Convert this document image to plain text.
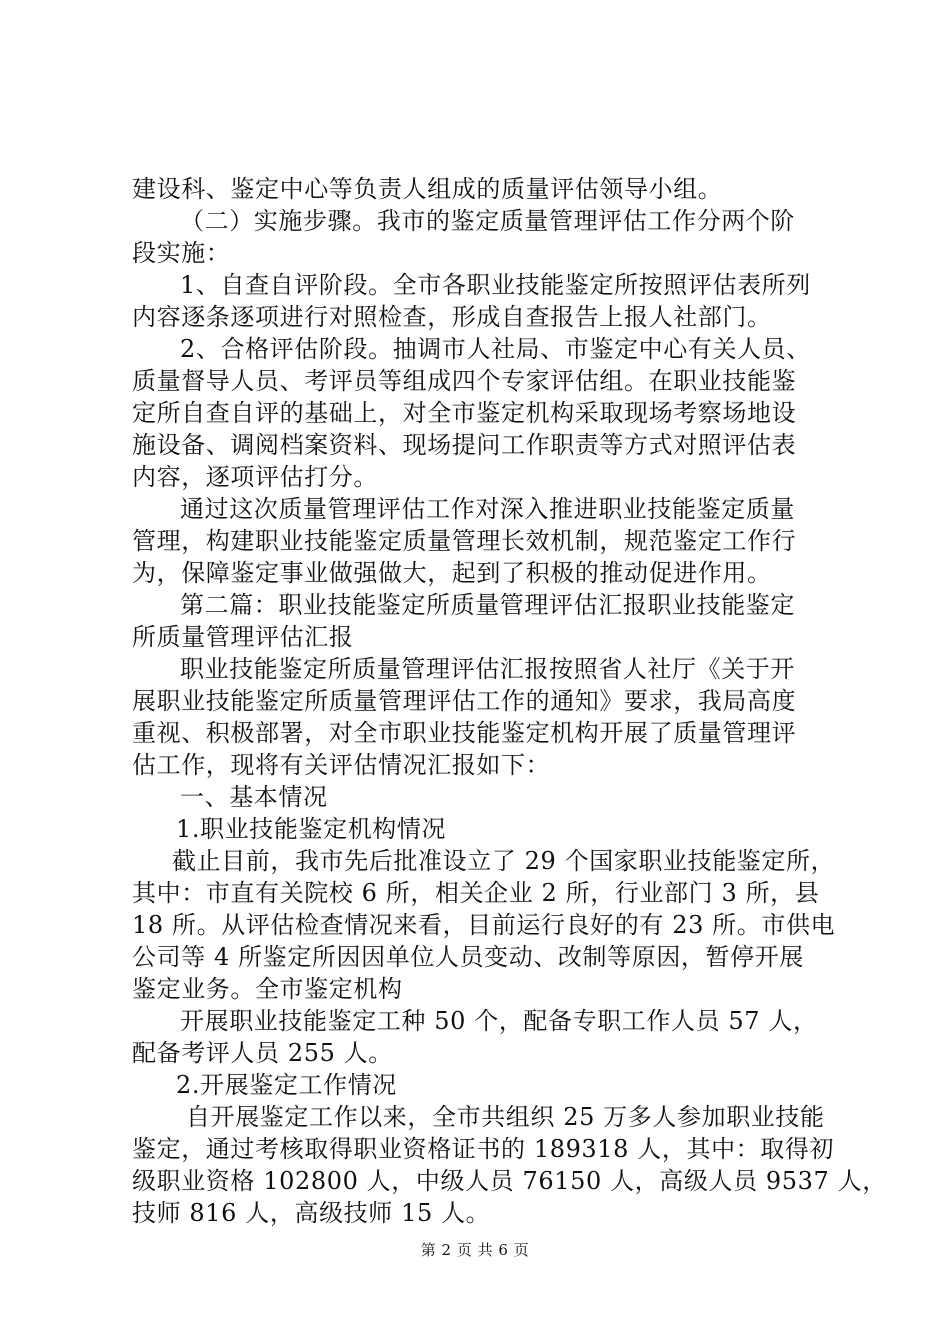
建设科、鉴定中心等负责人组成的质量评估领导小组。
（二）实施步骤。我市的鉴定质量管理评估工作分两个阶
段实施：
1、自查自评阶段。全市各职业技能鉴定所按照评估表所列
内容逐条逐项进行对照检查，形成自查报告上报人社部门。
2、合格评估阶段。抽调市人社局、市鉴定中心有关人员、
质量督导人员、考评员等组成四个专家评估组。在职业技能鉴
定所自查自评的基础上，对全市鉴定机构采取现场考察场地设
施设备、调阅档案资料、现场提问工作职责等方式对照评估表
内容，逐项评估打分。
通过这次质量管理评估工作对深入推进职业技能鉴定质量
管理，构建职业技能鉴定质量管理长效机制，规范鉴定工作行
为，保障鉴定事业做强做大，起到了积极的推动促进作用。
第二篇：职业技能鉴定所质量管理评估汇报职业技能鉴定
所质量管理评估汇报
职业技能鉴定所质量管理评估汇报按照省人社厅《关于开
展职业技能鉴定所质量管理评估工作的通知》要求，我局高度
重视、积极部署，对全市职业技能鉴定机构开展了质量管理评
估工作，现将有关评估情况汇报如下：
一、基本情况
1.职业技能鉴定机构情况
截止目前，我市先后批准设立了 29 个国家职业技能鉴定所，
其中：市直有关院校 6 所，相关企业 2 所，行业部门 3 所，县
18 所。从评估检查情况来看，目前运行良好的有 23 所。市供电
公司等 4 所鉴定所因因单位人员变动、改制等原因，暂停开展
鉴定业务。全市鉴定机构
开展职业技能鉴定工种 50 个，配备专职工作人员 57 人，
配备考评人员 255 人。
2.开展鉴定工作情况
自开展鉴定工作以来，全市共组织 25 万多人参加职业技能
鉴定，通过考核取得职业资格证书的 189318 人，其中：取得初
级职业资格 102800 人，中级人员 76150 人，高级人员 9537 人，
技师 816 人，高级技师 15 人。
第 2 页 共 6 页
